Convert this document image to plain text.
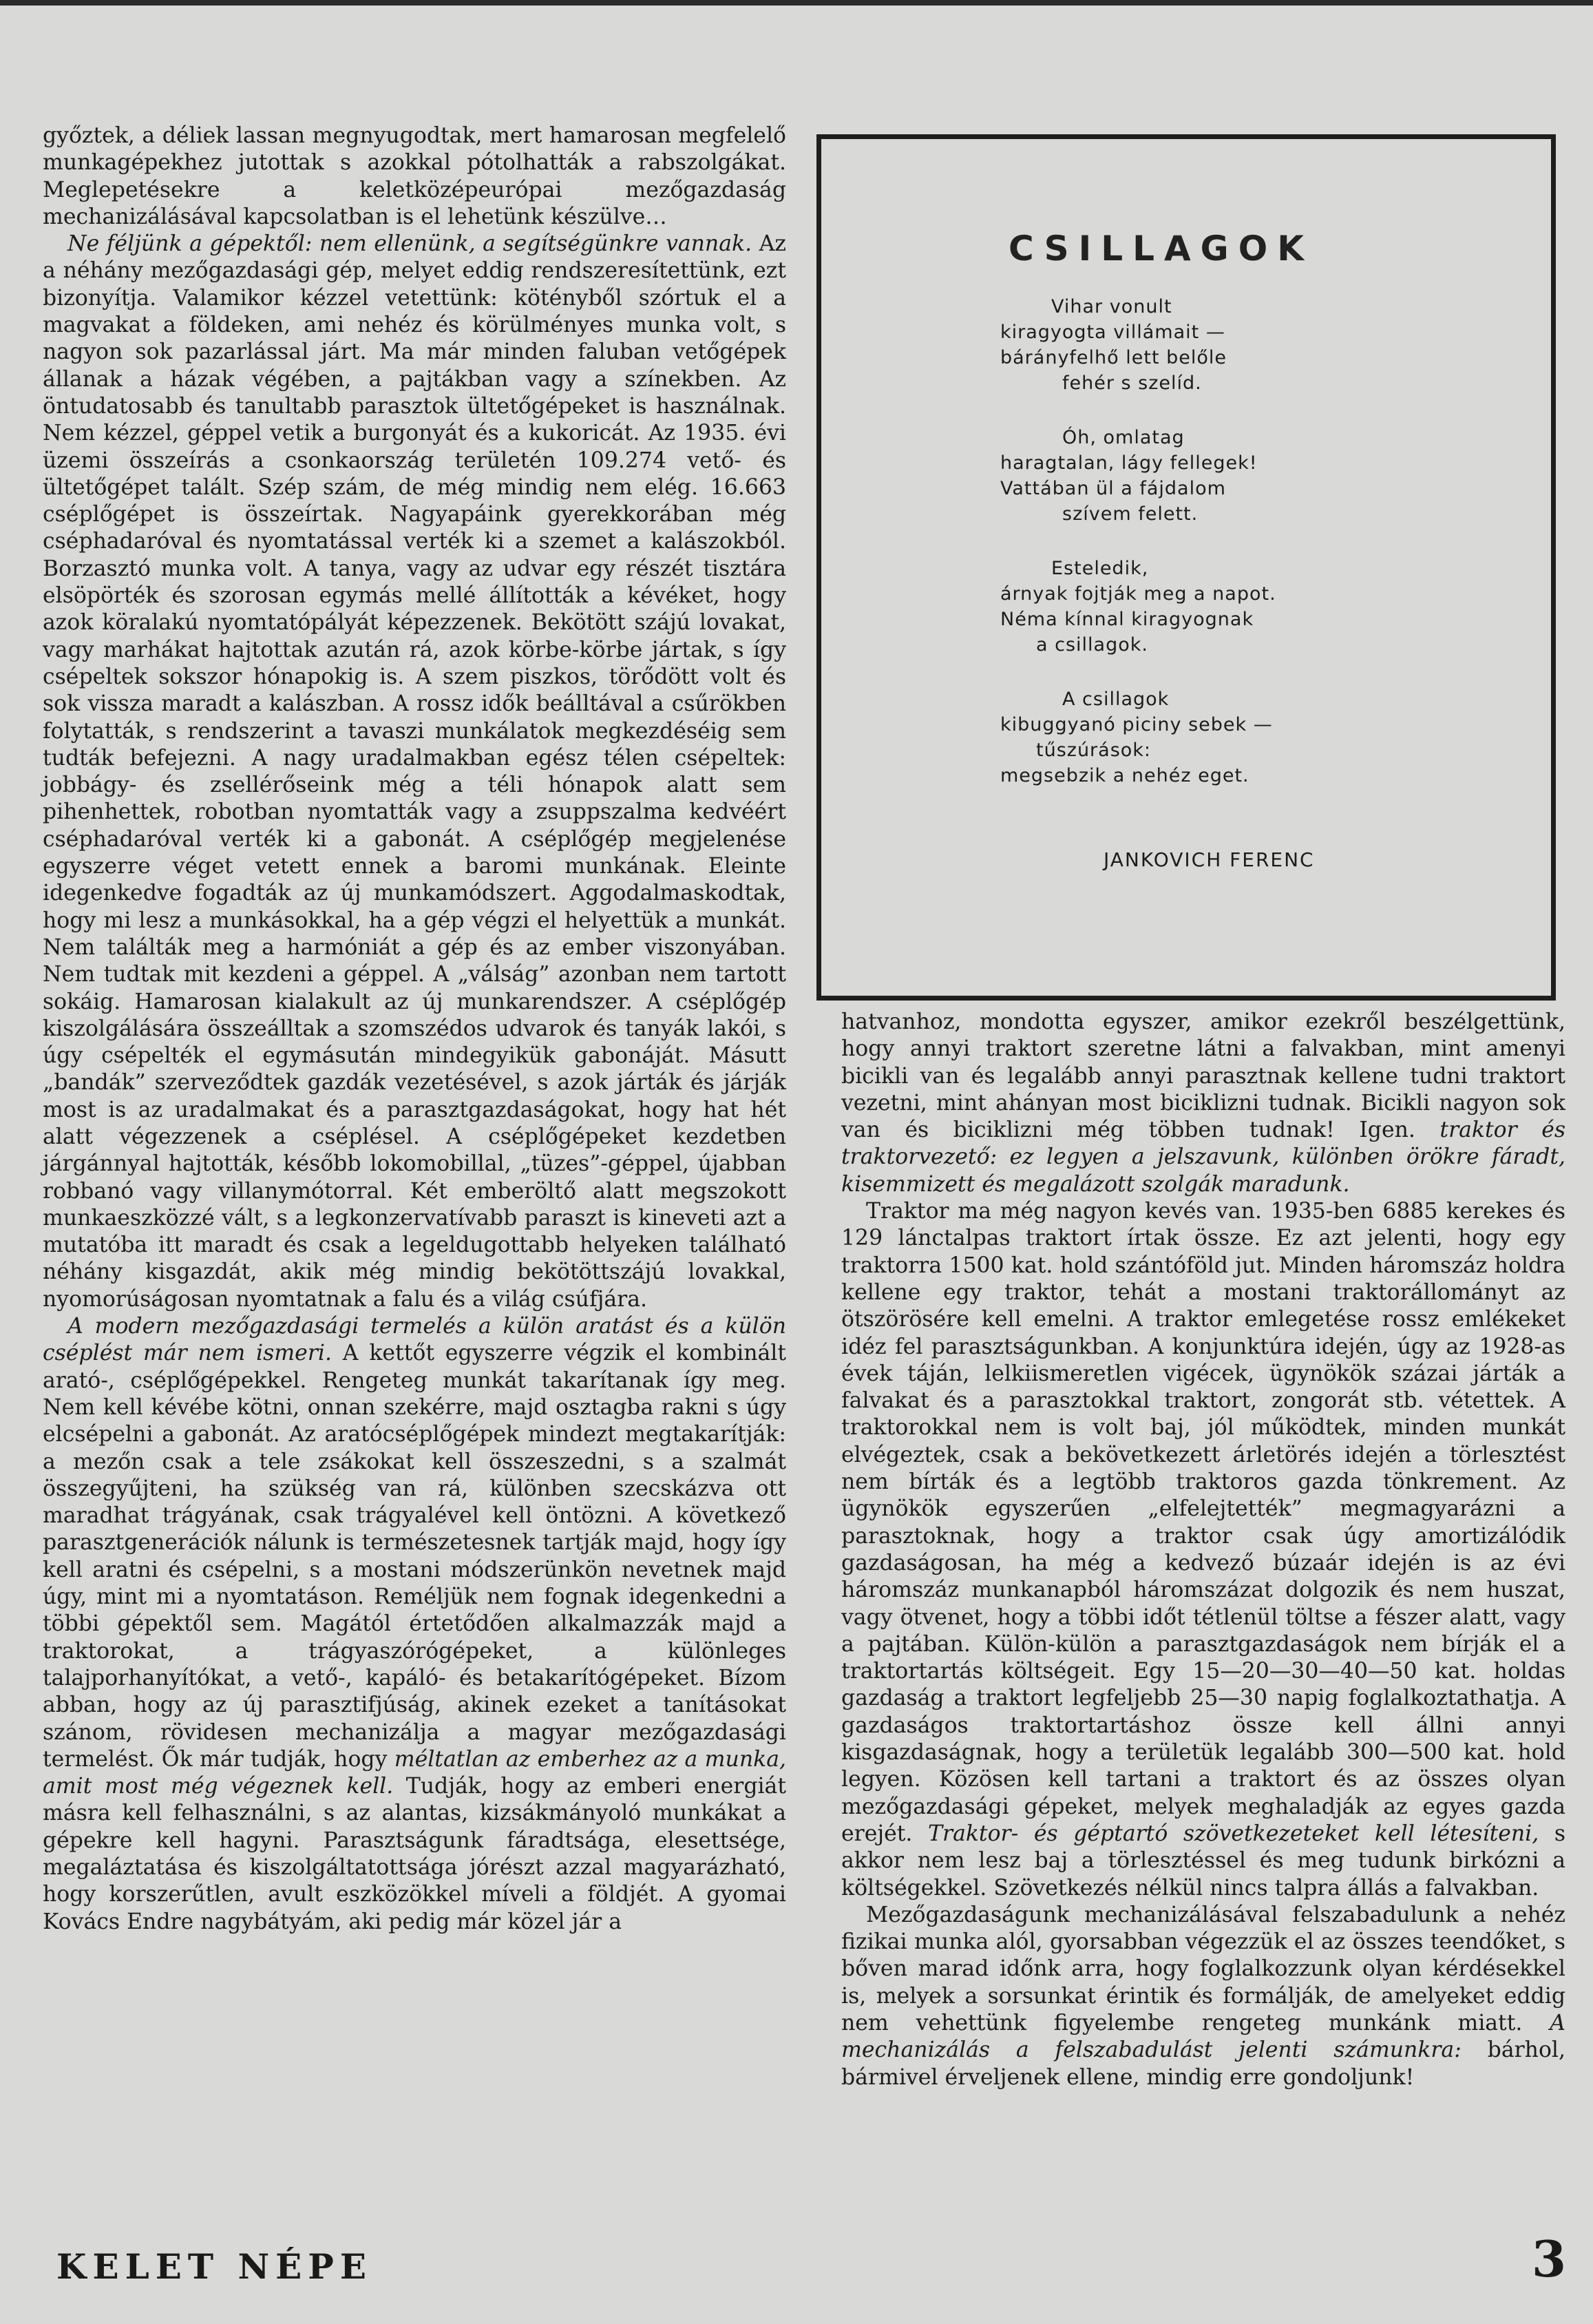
győztek, a déliek lassan megnyugodtak, mert hamarosan megfelelő munkagépekhez jutottak s azokkal pótolhatták a rabszolgákat. Meglepetésekre a keletközépeurópai mezőgazdaság mechanizálásával kapcsolatban is el lehetünk készülve…

Ne féljünk a gépektől: nem ellenünk, a segítségünkre vannak. Az a néhány mezőgazdasági gép, melyet eddig rendszeresítettünk, ezt bizonyítja. Valamikor kézzel vetettünk: kötényből szórtuk el a magvakat a földeken, ami nehéz és körülményes munka volt, s nagyon sok pazarlással járt. Ma már minden faluban vetőgépek állanak a házak végében, a pajtákban vagy a színekben. Az öntudatosabb és tanultabb parasztok ültetőgépeket is használnak. Nem kézzel, géppel vetik a burgonyát és a kukoricát. Az 1935. évi üzemi összeírás a csonkaország területén 109.274 vető- és ültetőgépet talált. Szép szám, de még mindig nem elég. 16.663 cséplőgépet is összeírtak. Nagyapáink gyerekkorában még cséphadaróval és nyomtatással verték ki a szemet a kalászokból. Borzasztó munka volt. A tanya, vagy az udvar egy részét tisztára elsöpörték és szorosan egymás mellé állították a kévéket, hogy azok köralakú nyomtatópályát képezzenek. Bekötött szájú lovakat, vagy marhákat hajtottak azután rá, azok körbe-körbe jártak, s így csépeltek sokszor hónapokig is. A szem piszkos, törődött volt és sok vissza maradt a kalászban. A rossz idők beálltával a csűrökben folytatták, s rendszerint a tavaszi munkálatok megkezdéséig sem tudták befejezni. A nagy uradalmakban egész télen csépeltek: jobbágy- és zsellérőseink még a téli hónapok alatt sem pihenhettek, robotban nyomtatták vagy a zsuppszalma kedvéért cséphadaróval verték ki a gabonát. A cséplőgép megjelenése egyszerre véget vetett ennek a baromi munkának. Eleinte idegenkedve fogadták az új munkamódszert. Aggodalmaskodtak, hogy mi lesz a munkásokkal, ha a gép végzi el helyettük a munkát. Nem találták meg a harmóniát a gép és az ember viszonyában. Nem tudtak mit kezdeni a géppel. A „válság” azonban nem tartott sokáig. Hamarosan kialakult az új munkarendszer. A cséplőgép kiszolgálására összeálltak a szomszédos udvarok és tanyák lakói, s úgy csépelték el egymásután mindegyikük gabonáját. Másutt „bandák” szerveződtek gazdák vezetésével, s azok járták és járják most is az uradalmakat és a parasztgazdaságokat, hogy hat hét alatt végezzenek a cséplésel. A cséplőgépeket kezdetben járgánnyal hajtották, később lokomobillal, „tüzes”-géppel, újabban robbanó vagy villanymótorral. Két emberöltő alatt megszokott munkaeszközzé vált, s a legkonzervatívabb paraszt is kineveti azt a mutatóba itt maradt és csak a legeldugottabb helyeken található néhány kisgazdát, akik még mindig bekötöttszájú lovakkal, nyomorúságosan nyomtatnak a falu és a világ csúfjára.

A modern mezőgazdasági termelés a külön aratást és a külön cséplést már nem ismeri. A kettőt egyszerre végzik el kombinált arató-, cséplőgépekkel. Rengeteg munkát takarítanak így meg. Nem kell kévébe kötni, onnan szekérre, majd osztagba rakni s úgy elcsépelni a gabonát. Az aratócséplőgépek mindezt megtakarítják: a mezőn csak a tele zsákokat kell összeszedni, s a szalmát összegyűjteni, ha szükség van rá, különben szecskázva ott maradhat trágyának, csak trágyalével kell öntözni. A következő parasztgenerációk nálunk is természetesnek tartják majd, hogy így kell aratni és csépelni, s a mostani módszerünkön nevetnek majd úgy, mint mi a nyomtatáson. Reméljük nem fognak idegenkedni a többi gépektől sem. Magától értetődően alkalmazzák majd a traktorokat, a trágyaszórógépeket, a különleges talajporhanyítókat, a vető-, kapáló- és betakarítógépeket. Bízom abban, hogy az új parasztifjúság, akinek ezeket a tanításokat szánom, rövidesen mechanizálja a magyar mezőgazdasági termelést. Ők már tudják, hogy méltatlan az emberhez az a munka, amit most még végeznek kell. Tudják, hogy az emberi energiát másra kell felhasználni, s az alantas, kizsákmányoló munkákat a gépekre kell hagyni. Parasztságunk fáradtsága, elesettsége, megaláztatása és kiszolgáltatottsága jórészt azzal magyarázható, hogy korszerűtlen, avult eszközökkel míveli a földjét. A gyomai Kovács Endre nagybátyám, aki pedig már közel jár a

CSILLAGOK
Vihar vonult
kiragyogta villámait —
bárányfelhő lett belőle
fehér s szelíd.
Óh, omlatag
haragtalan, lágy fellegek!
Vattában ül a fájdalom
szívem felett.
Esteledik,
árnyak fojtják meg a napot.
Néma kínnal kiragyognak
a csillagok.
A csillagok
kibuggyanó piciny sebek —
tűszúrások:
megsebzik a nehéz eget.

JANKOVICH FERENC

hatvanhoz, mondotta egyszer, amikor ezekről beszélgettünk, hogy annyi traktort szeretne látni a falvakban, mint amenyi bicikli van és legalább annyi parasztnak kellene tudni traktort vezetni, mint ahányan most biciklizni tudnak. Bicikli nagyon sok van és biciklizni még többen tudnak! Igen. traktor és traktorvezető: ez legyen a jelszavunk, különben örökre fáradt, kisemmizett és megalázott szolgák maradunk.

Traktor ma még nagyon kevés van. 1935-ben 6885 kerekes és 129 lánctalpas traktort írtak össze. Ez azt jelenti, hogy egy traktorra 1500 kat. hold szántóföld jut. Minden háromszáz holdra kellene egy traktor, tehát a mostani traktorállományt az ötszörösére kell emelni. A traktor emlegetése rossz emlékeket idéz fel parasztságunkban. A konjunktúra idején, úgy az 1928-as évek táján, lelkiismeretlen vigécek, ügynökök százai járták a falvakat és a parasztokkal traktort, zongorát stb. vétettek. A traktorokkal nem is volt baj, jól működtek, minden munkát elvégeztek, csak a bekövetkezett árletörés idején a törlesztést nem bírták és a legtöbb traktoros gazda tönkrement. Az ügynökök egyszerűen „elfelejtették” megmagyarázni a parasztoknak, hogy a traktor csak úgy amortizálódik gazdaságosan, ha még a kedvező búzaár idején is az évi háromszáz munkanapból háromszázat dolgozik és nem huszat, vagy ötvenet, hogy a többi időt tétlenül töltse a fészer alatt, vagy a pajtában. Külön-külön a parasztgazdaságok nem bírják el a traktortartás költségeit. Egy 15—20—30—40—50 kat. holdas gazdaság a traktort legfeljebb 25—30 napig foglalkoztathatja. A gazdaságos traktortartáshoz össze kell állni annyi kisgazdaságnak, hogy a területük legalább 300—500 kat. hold legyen. Közösen kell tartani a traktort és az összes olyan mezőgazdasági gépeket, melyek meghaladják az egyes gazda erejét. Traktor- és géptartó szövetkezeteket kell létesíteni, s akkor nem lesz baj a törlesztéssel és meg tudunk birkózni a költségekkel. Szövetkezés nélkül nincs talpra állás a falvakban.

Mezőgazdaságunk mechanizálásával felszabadulunk a nehéz fizikai munka alól, gyorsabban végezzük el az összes teendőket, s bőven marad időnk arra, hogy foglalkozzunk olyan kérdésekkel is, melyek a sorsunkat érintik és formálják, de amelyeket eddig nem vehettünk figyelembe rengeteg munkánk miatt. A mechanizálás a felszabadulást jelenti számunkra: bárhol, bármivel érveljenek ellene, mindig erre gondoljunk!

KELET NÉPE	3
